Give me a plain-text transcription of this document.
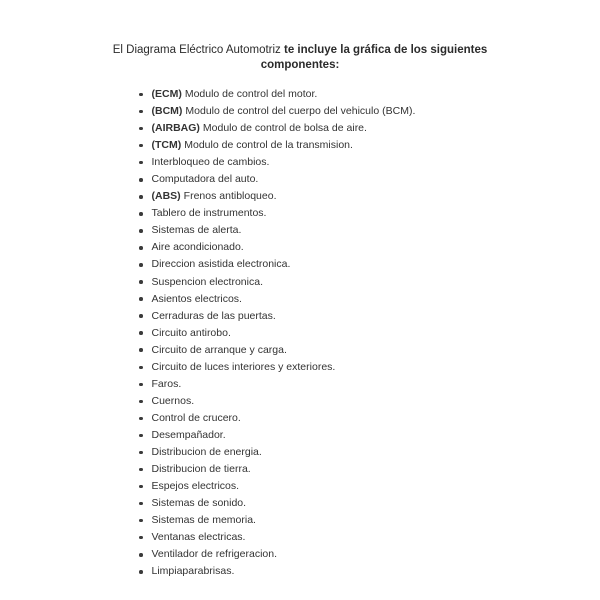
El Diagrama Eléctrico Automotriz te incluye la gráfica de los siguientes
componentes:
(ECM) Modulo de control del motor.
(BCM) Modulo de control del cuerpo del vehiculo (BCM).
(AIRBAG) Modulo de control de bolsa de aire.
(TCM) Modulo de control de la transmision.
Interbloqueo de cambios.
Computadora del auto.
(ABS) Frenos antibloqueo.
Tablero de instrumentos.
Sistemas de alerta.
Aire acondicionado.
Direccion asistida electronica.
Suspencion electronica.
Asientos electricos.
Cerraduras de las puertas.
Circuito antirobo.
Circuito de arranque y carga.
Circuito de luces interiores y exteriores.
Faros.
Cuernos.
Control de crucero.
Desempañador.
Distribucion de energia.
Distribucion de tierra.
Espejos electricos.
Sistemas de sonido.
Sistemas de memoria.
Ventanas electricas.
Ventilador de refrigeracion.
Limpiaparabrisas.
